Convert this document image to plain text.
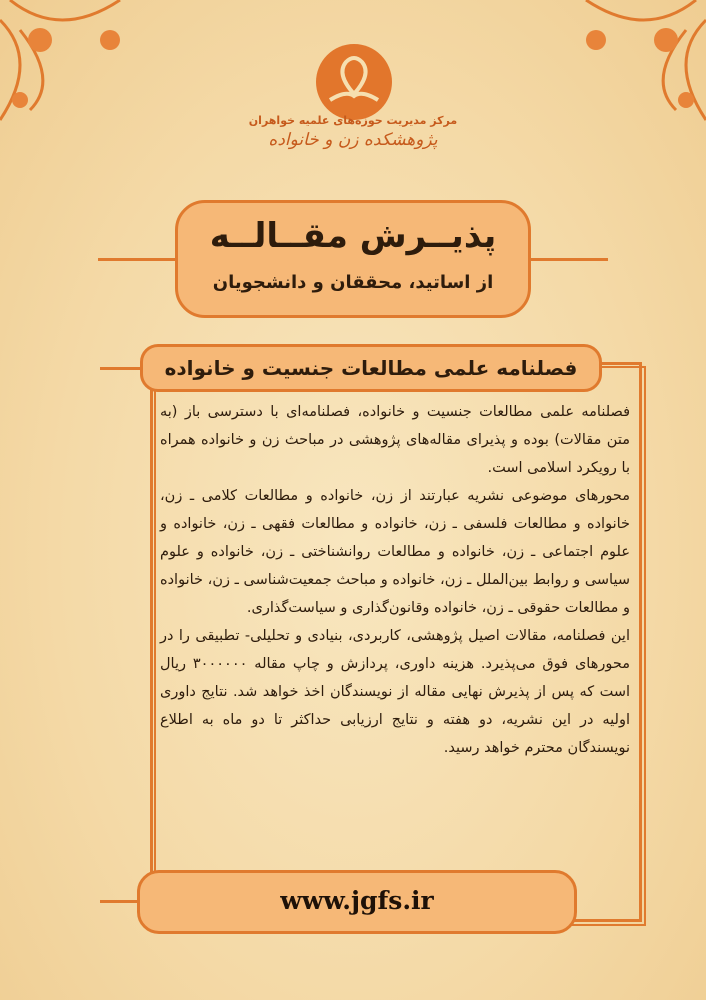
مرکز مدیریت حوزه‌های علمیه خواهران
پژوهشکده زن و خانواده
پذیــرش مقــالــه
از اساتید، محققان و دانشجویان
فصلنامه علمی مطالعات جنسیت و خانواده

فصلنامه علمی مطالعات جنسیت و خانواده، فصلنامه‌ای با دسترسی باز (به متن مقالات) بوده و پذیرای مقاله‌های پژوهشی در مباحث زن و خانواده همراه با رویکرد اسلامی است.

محورهای موضوعی نشریه عبارتند از زن، خانواده و مطالعات کلامی ـ زن، خانواده و مطالعات فلسفی ـ زن، خانواده و مطالعات فقهی ـ زن، خانواده و علوم اجتماعی ـ زن، خانواده و مطالعات روانشناختی ـ زن، خانواده و علوم سیاسی و روابط بین‌الملل ـ زن، خانواده و مباحث جمعیت‌شناسی ـ زن، خانواده و مطالعات حقوقی ـ زن، خانواده وقانون‌گذاری و سیاست‌گذاری.

این فصلنامه، مقالات اصیل پژوهشی، کاربردی، بنیادی و تحلیلی- تطبیقی را در محورهای فوق می‌پذیرد. هزینه داوری، پردازش و چاپ مقاله ۳۰۰۰۰۰۰ ریال است که پس از پذیرش نهایی مقاله از نویسندگان اخذ خواهد شد. نتایج داوری اولیه در این نشریه، دو هفته و نتایج ارزیابی حداکثر تا دو ماه به اطلاع نویسندگان محترم خواهد رسید.

www.jgfs.ir
